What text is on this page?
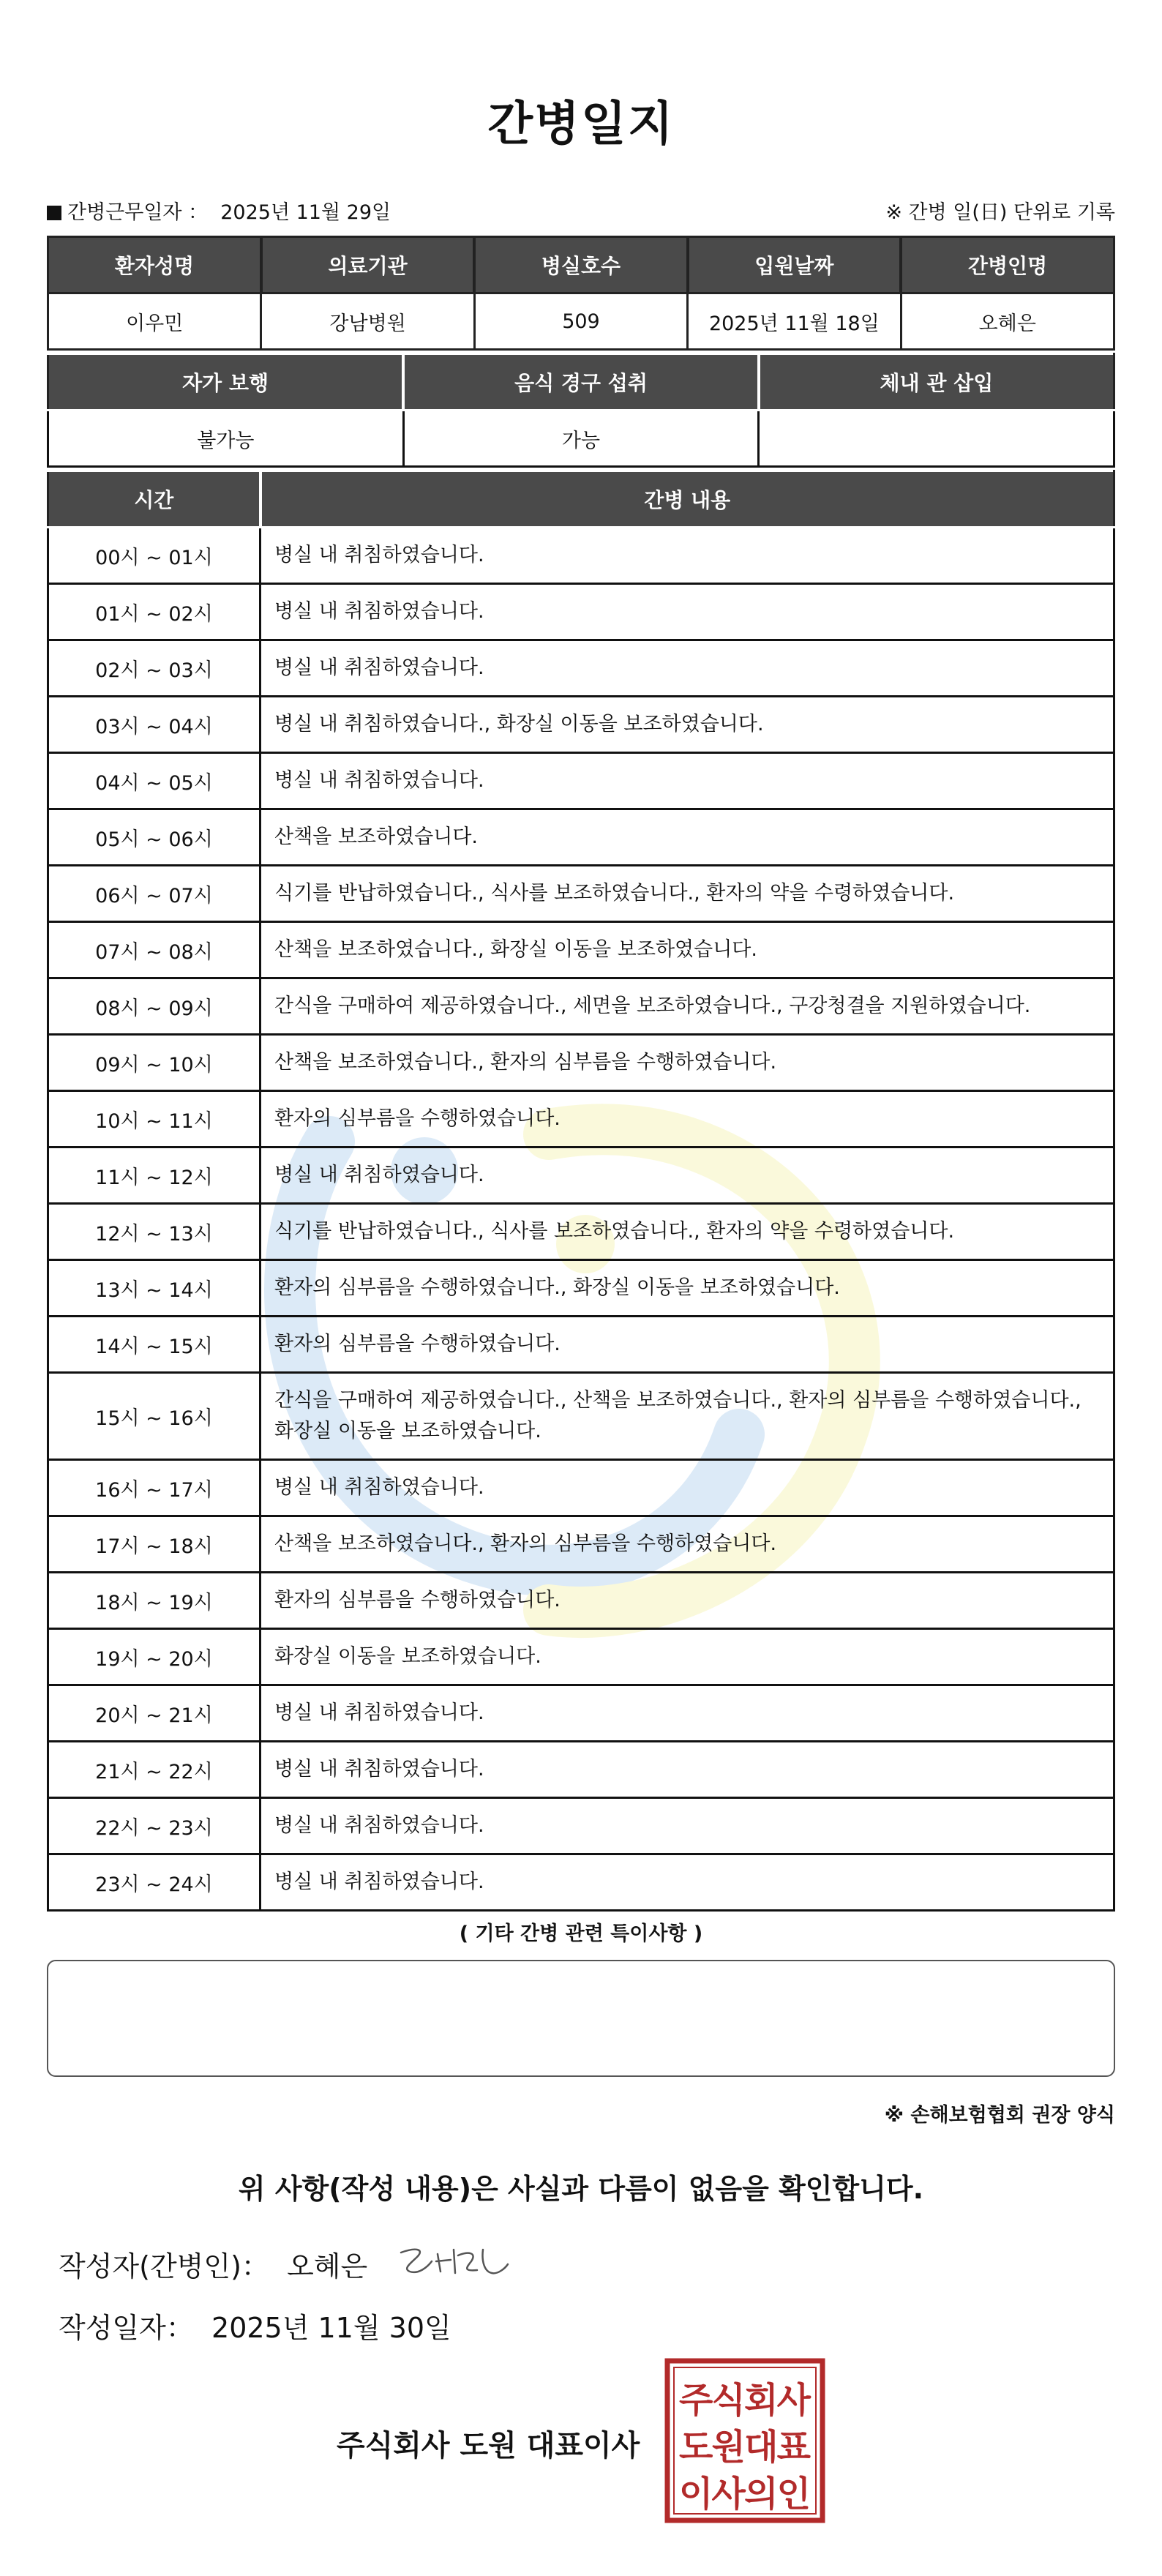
간병일지
간병근무일자 ： 2025년 11월 29일	※ 간병 일(日) 단위로 기록
환자성명	의료기관	병실호수	입원날짜	간병인명
이우민	강남병원	509	2025년 11월 18일	오혜은
자가 보행	음식 경구 섭취	체내 관 삽입
불가능	가능	
시간	간병 내용
00시 ~ 01시	병실 내 취침하였습니다.
01시 ~ 02시	병실 내 취침하였습니다.
02시 ~ 03시	병실 내 취침하였습니다.
03시 ~ 04시	병실 내 취침하였습니다., 화장실 이동을 보조하였습니다.
04시 ~ 05시	병실 내 취침하였습니다.
05시 ~ 06시	산책을 보조하였습니다.
06시 ~ 07시	식기를 반납하였습니다., 식사를 보조하였습니다., 환자의 약을 수령하였습니다.
07시 ~ 08시	산책을 보조하였습니다., 화장실 이동을 보조하였습니다.
08시 ~ 09시	간식을 구매하여 제공하였습니다., 세면을 보조하였습니다., 구강청결을 지원하였습니다.
09시 ~ 10시	산책을 보조하였습니다., 환자의 심부름을 수행하였습니다.
10시 ~ 11시	환자의 심부름을 수행하였습니다.
11시 ~ 12시	병실 내 취침하였습니다.
12시 ~ 13시	식기를 반납하였습니다., 식사를 보조하였습니다., 환자의 약을 수령하였습니다.
13시 ~ 14시	환자의 심부름을 수행하였습니다., 화장실 이동을 보조하였습니다.
14시 ~ 15시	환자의 심부름을 수행하였습니다.
15시 ~ 16시	간식을 구매하여 제공하였습니다., 산책을 보조하였습니다., 환자의 심부름을 수행하였습니다., 화장실 이동을 보조하였습니다.
16시 ~ 17시	병실 내 취침하였습니다.
17시 ~ 18시	산책을 보조하였습니다., 환자의 심부름을 수행하였습니다.
18시 ~ 19시	환자의 심부름을 수행하였습니다.
19시 ~ 20시	화장실 이동을 보조하였습니다.
20시 ~ 21시	병실 내 취침하였습니다.
21시 ~ 22시	병실 내 취침하였습니다.
22시 ~ 23시	병실 내 취침하였습니다.
23시 ~ 24시	병실 내 취침하였습니다.
( 기타 간병 관련 특이사항 )
※ 손해보험협회 권장 양식
위 사항(작성 내용)은 사실과 다름이 없음을 확인합니다.
작성자(간병인)： 오혜은
작성일자： 2025년 11월 30일
주식회사 도원 대표이사
주식회사
도원대표
이사의인
